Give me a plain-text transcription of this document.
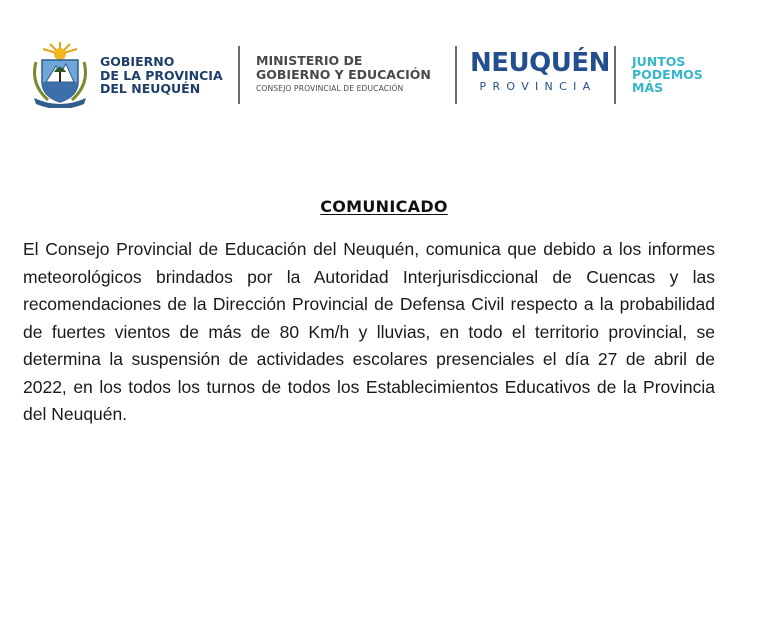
GOBIERNO
DE LA PROVINCIA
DEL NEUQUÉN
MINISTERIO DE
GOBIERNO Y EDUCACIÓN
CONSEJO PROVINCIAL DE EDUCACIÓN
NEUQUÉN
PROVINCIA
JUNTOS
PODEMOS
MÁS
COMUNICADO

El Consejo Provincial de Educación del Neuquén, comunica que debido a los informes meteorológicos brindados por la Autoridad Interjurisdiccional de Cuencas y las recomendaciones de la Dirección Provincial de Defensa Civil respecto a la probabilidad de fuertes vientos de más de 80 Km/h y lluvias, en todo el territorio provincial, se determina la suspensión de actividades escolares presenciales el día 27 de abril de 2022, en los todos los turnos de todos los Establecimientos Educativos de la Provincia del Neuquén.
